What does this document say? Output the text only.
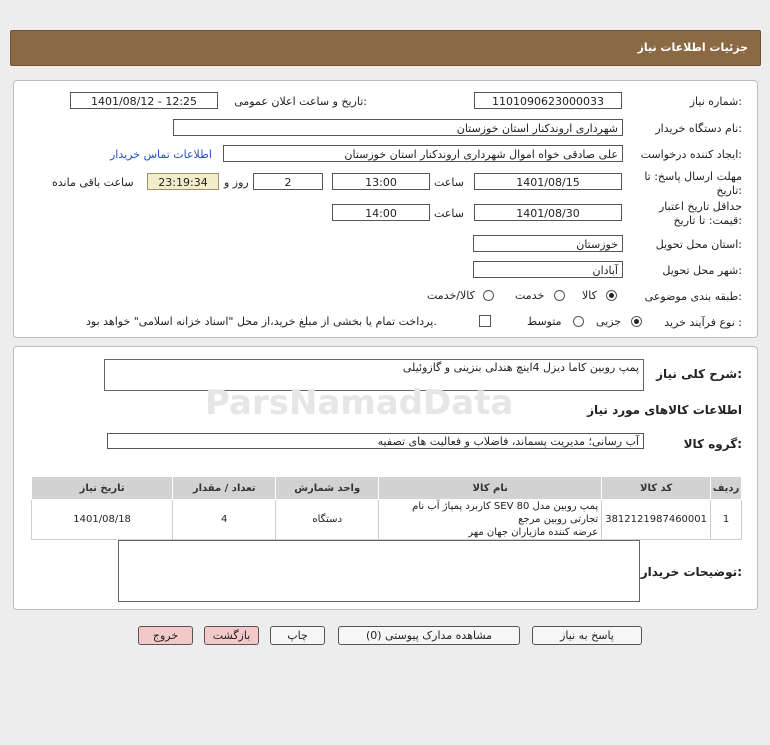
جزئیات اطلاعات نیاز
شماره نیاز:
1101090623000033
تاریخ و ساعت اعلان عمومی:
1401/08/12 - 12:25
نام دستگاه خریدار:
شهرداری اروندکنار استان خوزستان
ایجاد کننده درخواست:
علی صادقی خواه اموال شهرداری اروندکنار استان خوزستان
اطلاعات تماس خریدار
مهلت ارسال پاسخ: تا
تاریخ:
1401/08/15
ساعت
13:00
2
روز و
23:19:34
ساعت باقی مانده
حداقل تاریخ اعتبار
قیمت: تا تاریخ:
1401/08/30
ساعت
14:00
استان محل تحویل:
خوزستان
شهر محل تحویل:
آبادان
طبقه بندی موضوعی:
کالا
خدمت
کالا/خدمت
نوع فرآیند خرید :
جزیی
متوسط
پرداخت تمام یا بخشی از مبلغ خرید،از محل "اسناد خزانه اسلامی" خواهد بود.
شرح کلی نیاز:
پمپ روبین کاما دیزل 4اینچ هندلی بنزینی و گازوئیلی
اطلاعات کالاهای مورد نیاز
گروه کالا:
آب رسانی؛ مدیریت پسماند، فاضلاب و فعالیت های تصفیه
ردیف	کد کالا	نام کالا	واحد شمارش	تعداد / مقدار	تاریخ نیاز
1	3812121987460001	پمپ روبین مدل SEV 80 کاربرد پمپاژ آب نام تجارتی روبین مرجع
عرضه کننده مازیاران جهان مهر	دستگاه	4	1401/08/18
توضیحات خریدار:
ParsNamadData
پاسخ به نیاز
مشاهده مدارک پیوستی (0)
چاپ
بازگشت
خروج
